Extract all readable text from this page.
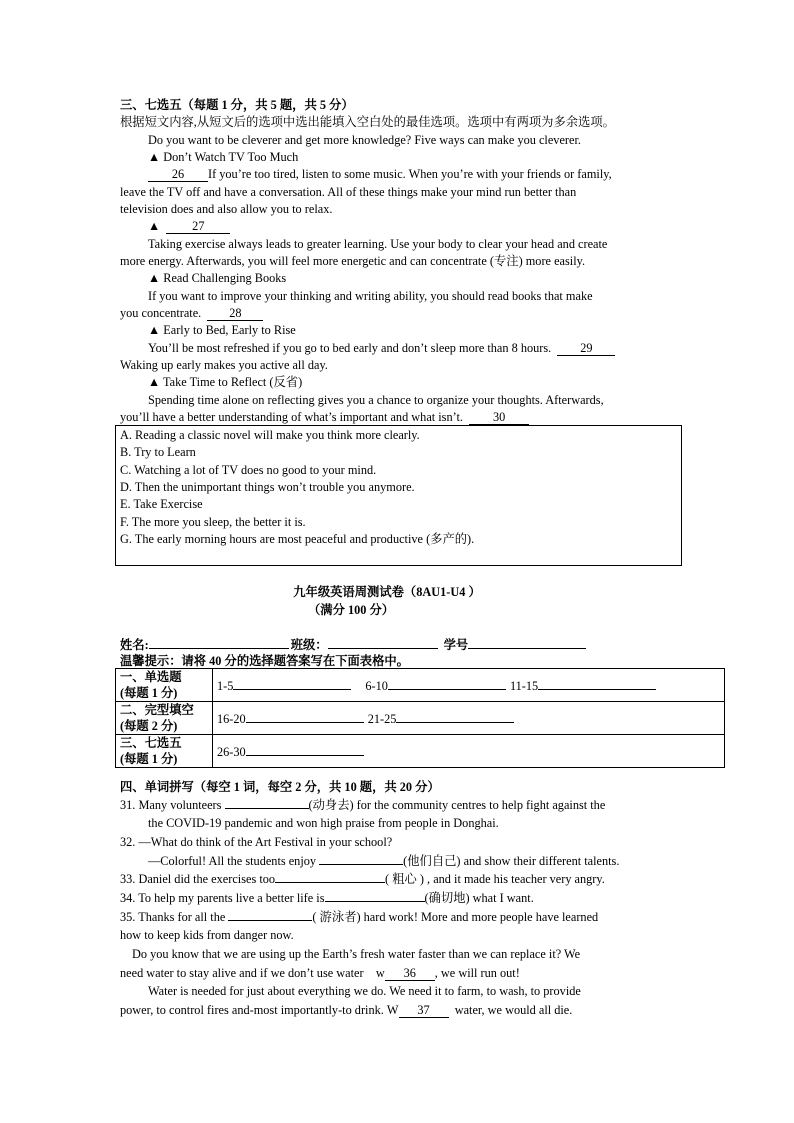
三、七选五（每题 1 分，共 5 题，共 5 分）
根据短文内容,从短文后的选项中选出能填入空白处的最佳选项。选项中有两项为多余选项。
Do you want to be cleverer and get more knowledge? Five ways can make you cleverer.
▲ Don’t Watch TV Too Much
26 If you’re too tired, listen to some music. When you’re with your friends or family,
leave the TV off and have a conversation. All of these things make your mind run better than
television does and also allow you to relax.
▲	27
Taking exercise always leads to greater learning. Use your body to clear your head and create
more energy. Afterwards, you will feel more energetic and can concentrate (专注) more easily.
▲ Read Challenging Books
If you want to improve your thinking and writing ability, you should read books that make
you concentrate. 28
▲ Early to Bed, Early to Rise
You’ll be most refreshed if you go to bed early and don’t sleep more than 8 hours. 29
Waking up early makes you active all day.
▲ Take Time to Reflect (反省)
Spending time alone on reflecting gives you a chance to organize your thoughts. Afterwards,
you’ll have a better understanding of what’s important and what isn’t. 30
A. Reading a classic novel will make you think more clearly.
B. Try to Learn
C. Watching a lot of TV does no good to your mind.
D. Then the unimportant things won’t trouble you anymore.
E. Take Exercise
F. The more you sleep, the better it is.
G. The early morning hours are most peaceful and productive (多产的).
九年级英语周测试卷（8AU1-U4 ）
（满分 100 分）
姓名:	班级：	学号
温馨提示：请将 40 分的选择题答案写在下面表格中。
一、单选题
(每题 1 分)	1-5 6-10 11-15
二、完型填空
(每题 2 分)	16-20 21-25
三、七选五
(每题 1 分)	26-30
四、单词拼写（每空 1 词，每空 2 分，共 10 题，共 20 分）
31. Many volunteers	(动身去) for the community centres to help fight against the
the COVID-19 pandemic and won high praise from people in Donghai.
32. —What do think of the Art Festival in your school?
—Colorful! All the students enjoy	(他们自己) and show their different talents.
33. Daniel did the exercises too	( 粗心 ) , and it made his teacher very angry.
34. To help my parents live a better life is	(确切地) what I want.
35. Thanks for all the	( 游泳者) hard work! More and more people have learned
how to keep kids from danger now.
Do you know that we are using up the Earth’s fresh water faster than we can replace it? We
need water to stay alive and if we don’t use water w 36 , we will run out!
Water is needed for just about everything we do. We need it to farm, to wash, to provide
power, to control fires and-most importantly-to drink. W 37 water, we would all die.
